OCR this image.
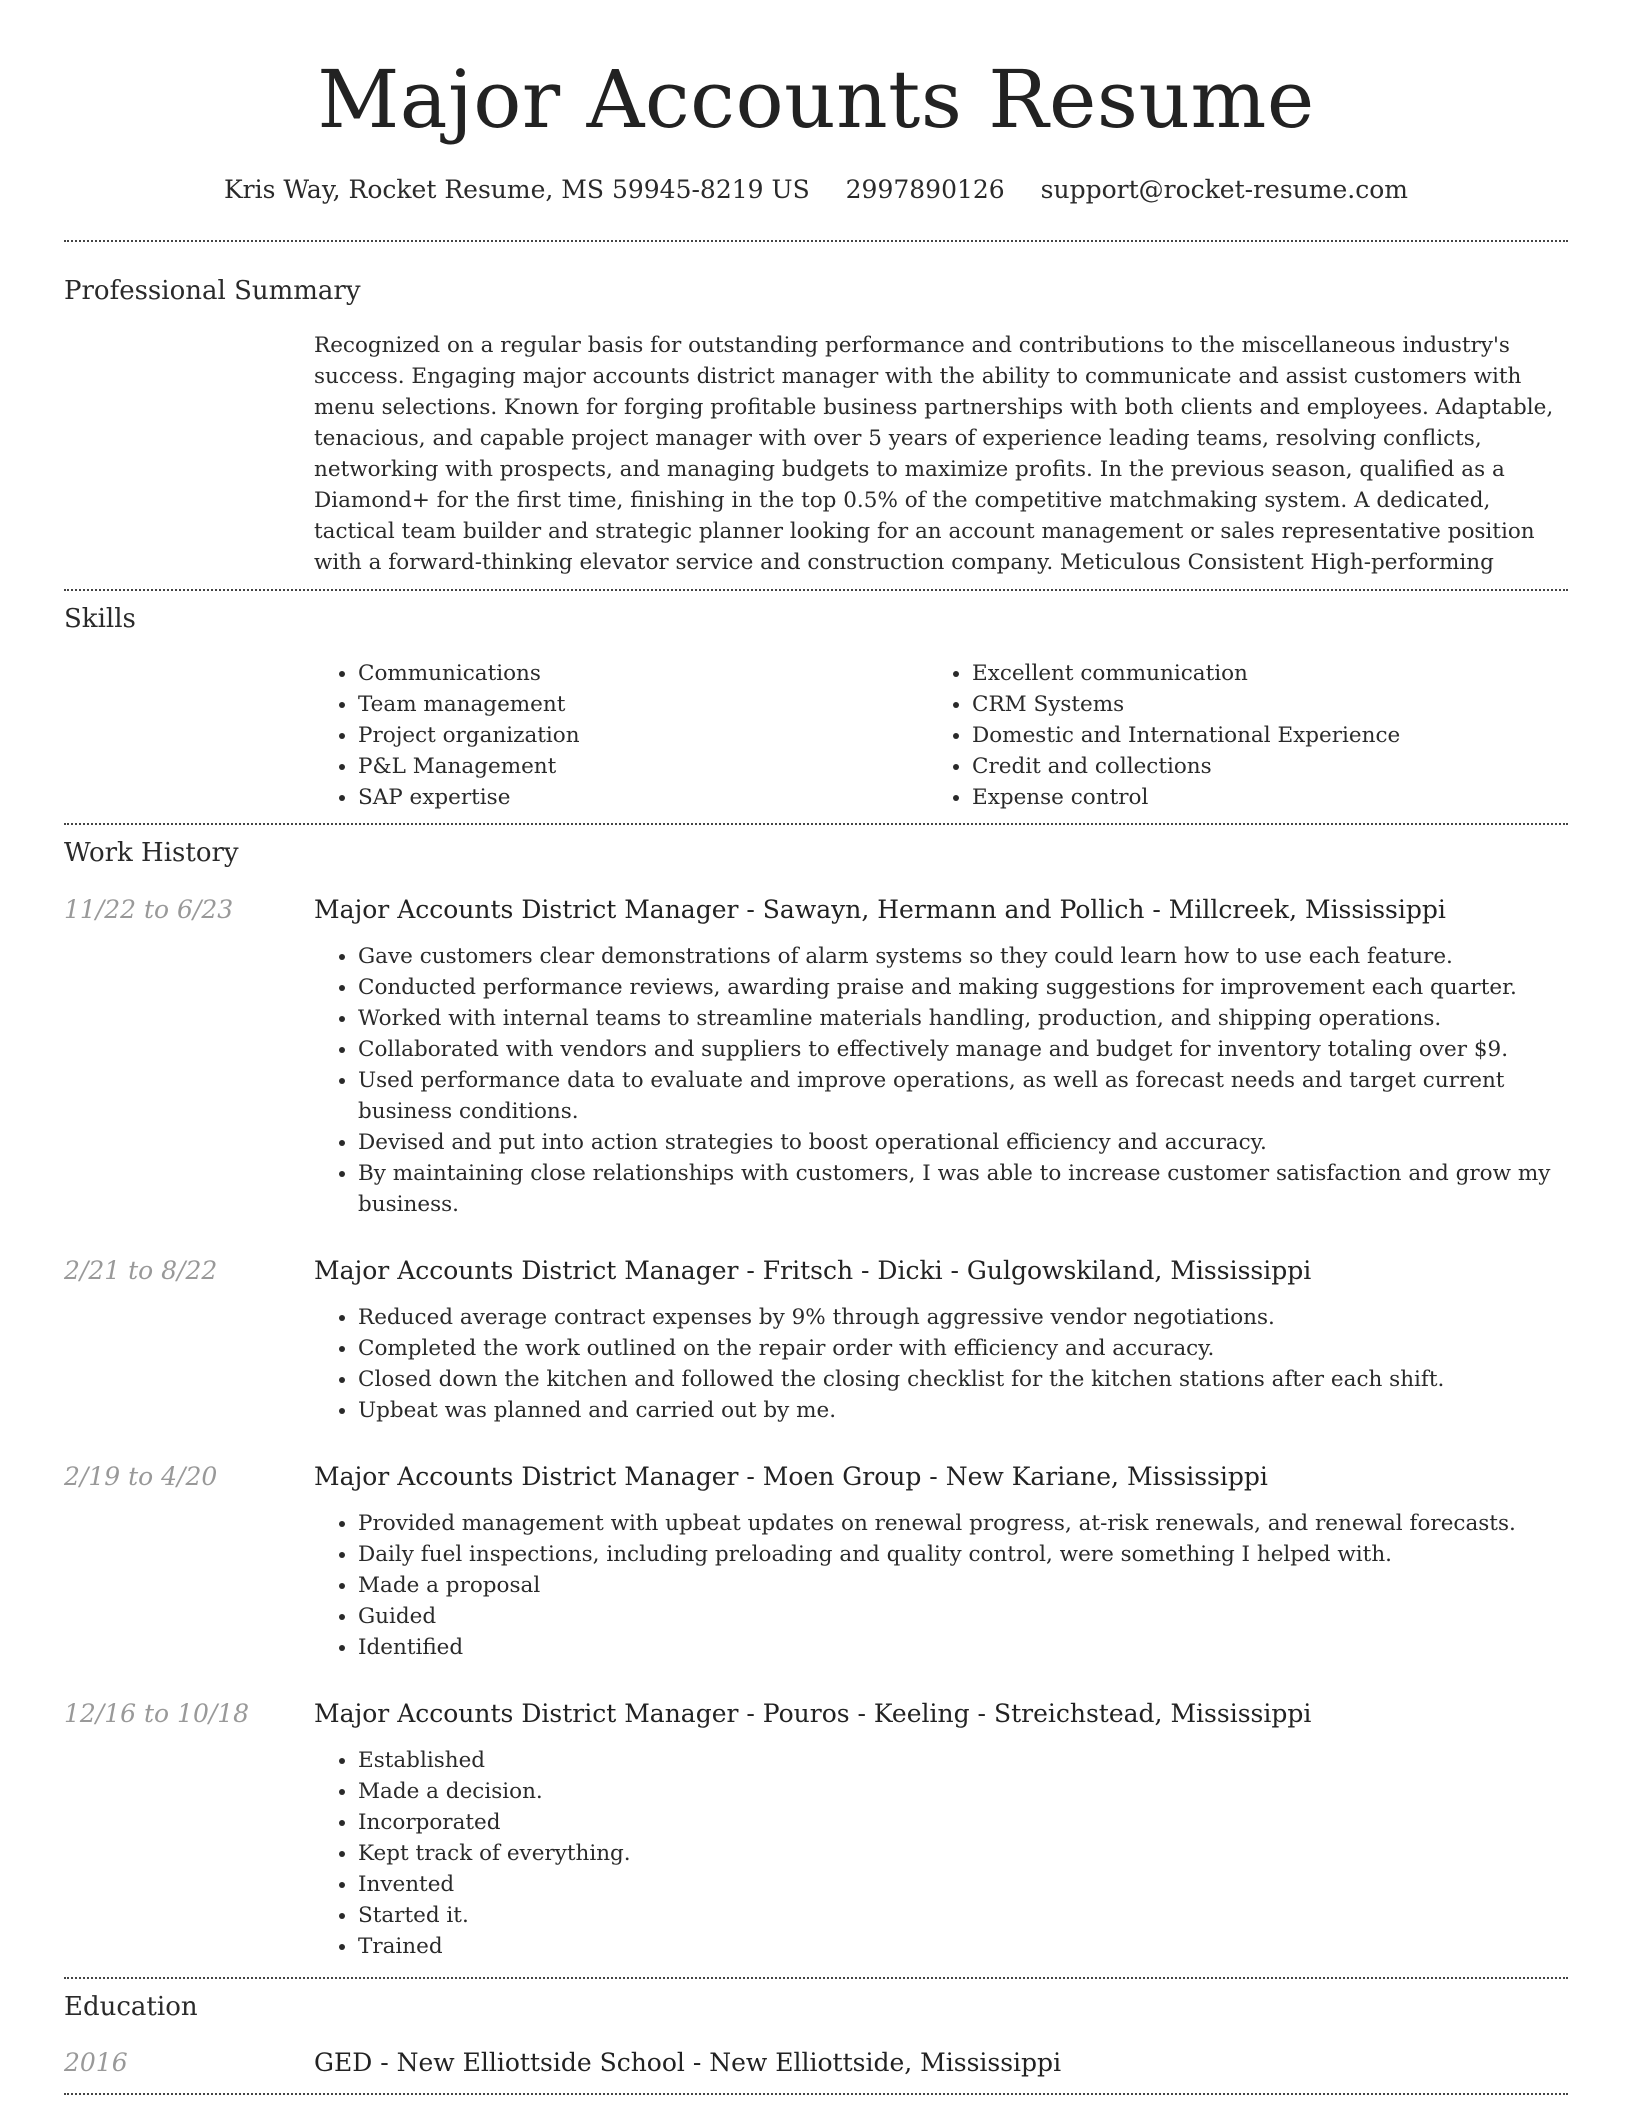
Major Accounts Resume
Kris Way, Rocket Resume, MS 59945-8219 US 2997890126 support@rocket-resume.com
Professional Summary

Recognized on a regular basis for outstanding performance and contributions to the miscellaneous industry's success. Engaging major accounts district manager with the ability to communicate and assist customers with menu selections. Known for forging profitable business partnerships with both clients and employees. Adaptable, tenacious, and capable project manager with over 5 years of experience leading teams, resolving conflicts, networking with prospects, and managing budgets to maximize profits. In the previous season, qualified as a Diamond+ for the first time, finishing in the top 0.5% of the competitive matchmaking system. A dedicated, tactical team builder and strategic planner looking for an account management or sales representative position with a forward-thinking elevator service and construction company. Meticulous Consistent High-performing

Skills
• Communications
• Team management
• Project organization
• P&L Management
• SAP expertise
• Excellent communication
• CRM Systems
• Domestic and International Experience
• Credit and collections
• Expense control
Work History
11/22 to 6/23	Major Accounts District Manager - Sawayn, Hermann and Pollich - Millcreek, Mississippi
• Gave customers clear demonstrations of alarm systems so they could learn how to use each feature.
• Conducted performance reviews, awarding praise and making suggestions for improvement each quarter.
• Worked with internal teams to streamline materials handling, production, and shipping operations.
• Collaborated with vendors and suppliers to effectively manage and budget for inventory totaling over $9.
• Used performance data to evaluate and improve operations, as well as forecast needs and target current business conditions.
• Devised and put into action strategies to boost operational efficiency and accuracy.
• By maintaining close relationships with customers, I was able to increase customer satisfaction and grow my business.
2/21 to 8/22	Major Accounts District Manager - Fritsch - Dicki - Gulgowskiland, Mississippi
• Reduced average contract expenses by 9% through aggressive vendor negotiations.
• Completed the work outlined on the repair order with efficiency and accuracy.
• Closed down the kitchen and followed the closing checklist for the kitchen stations after each shift.
• Upbeat was planned and carried out by me.
2/19 to 4/20	Major Accounts District Manager - Moen Group - New Kariane, Mississippi
• Provided management with upbeat updates on renewal progress, at-risk renewals, and renewal forecasts.
• Daily fuel inspections, including preloading and quality control, were something I helped with.
• Made a proposal
• Guided
• Identified
12/16 to 10/18	Major Accounts District Manager - Pouros - Keeling - Streichstead, Mississippi
• Established
• Made a decision.
• Incorporated
• Kept track of everything.
• Invented
• Started it.
• Trained
Education
2016	GED - New Elliottside School - New Elliottside, Mississippi
